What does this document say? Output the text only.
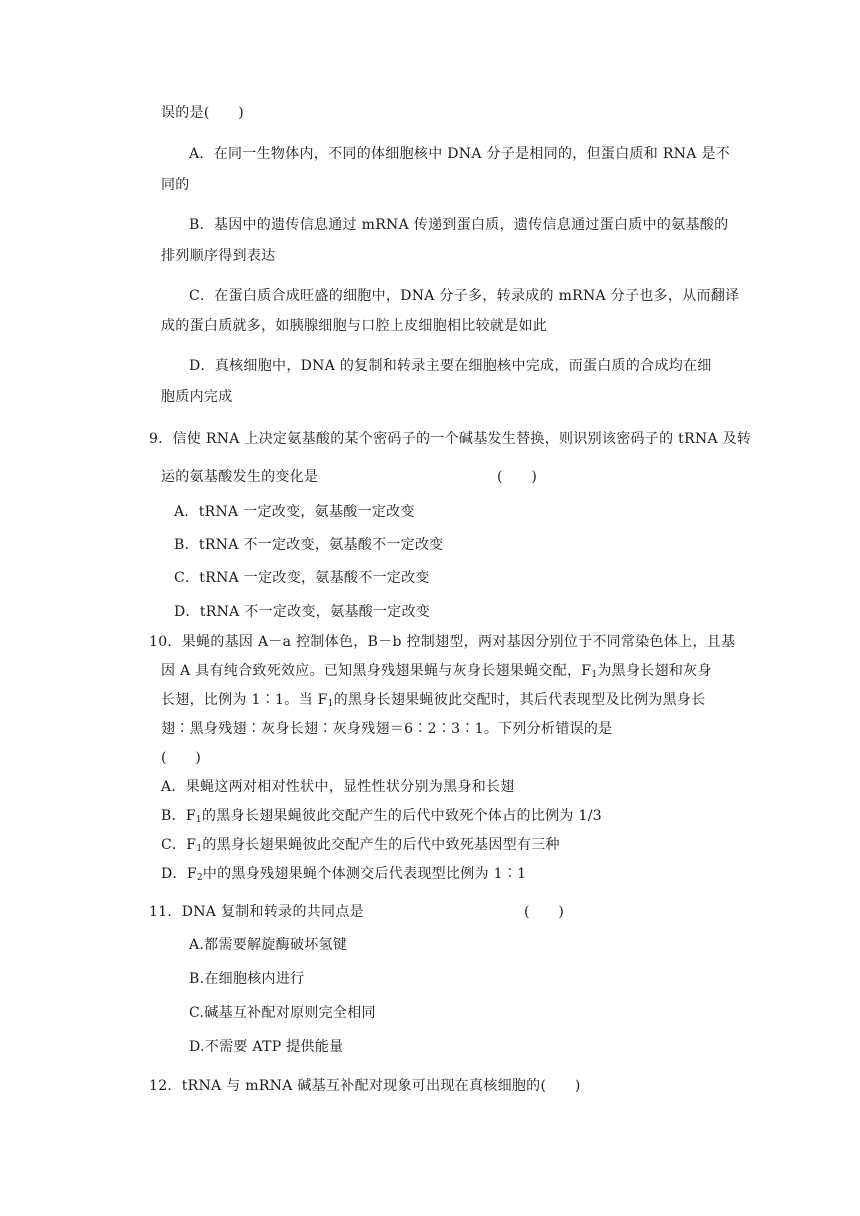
误的是(　　)
A．在同一生物体内，不同的体细胞核中 DNA 分子是相同的，但蛋白质和 RNA 是不
同的
B．基因中的遗传信息通过 mRNA 传递到蛋白质，遗传信息通过蛋白质中的氨基酸的
排列顺序得到表达
C．在蛋白质合成旺盛的细胞中，DNA 分子多，转录成的 mRNA 分子也多，从而翻译
成的蛋白质就多，如胰腺细胞与口腔上皮细胞相比较就是如此
D．真核细胞中，DNA 的复制和转录主要在细胞核中完成，而蛋白质的合成均在细
胞质内完成
9．信使 RNA 上决定氨基酸的某个密码子的一个碱基发生替换，则识别该密码子的 tRNA 及转
运的氨基酸发生的变化是	(　　)
A．tRNA 一定改变，氨基酸一定改变
B．tRNA 不一定改变，氨基酸不一定改变
C．tRNA 一定改变，氨基酸不一定改变
D．tRNA 不一定改变，氨基酸一定改变
10．果蝇的基因 A－a 控制体色，B－b 控制翅型，两对基因分别位于不同常染色体上，且基
因 A 具有纯合致死效应。已知黑身残翅果蝇与灰身长翅果蝇交配，$F_1$为黑身长翅和灰身
长翅，比例为 1∶1。当 $F_1$的黑身长翅果蝇彼此交配时，其后代表现型及比例为黑身长
翅∶黑身残翅∶灰身长翅∶灰身残翅＝6∶2∶3∶1。下列分析错误的是
(　　)
A．果蝇这两对相对性状中，显性性状分别为黑身和长翅
B．$F_1$的黑身长翅果蝇彼此交配产生的后代中致死个体占的比例为 1/3
C．$F_1$的黑身长翅果蝇彼此交配产生的后代中致死基因型有三种
D．$F_2$中的黑身残翅果蝇个体测交后代表现型比例为 1∶1
11．DNA 复制和转录的共同点是	(　　)
A.都需要解旋酶破坏氢键
B.在细胞核内进行
C.碱基互补配对原则完全相同
D.不需要 ATP 提供能量
12．tRNA 与 mRNA 碱基互补配对现象可出现在真核细胞的(　　)
